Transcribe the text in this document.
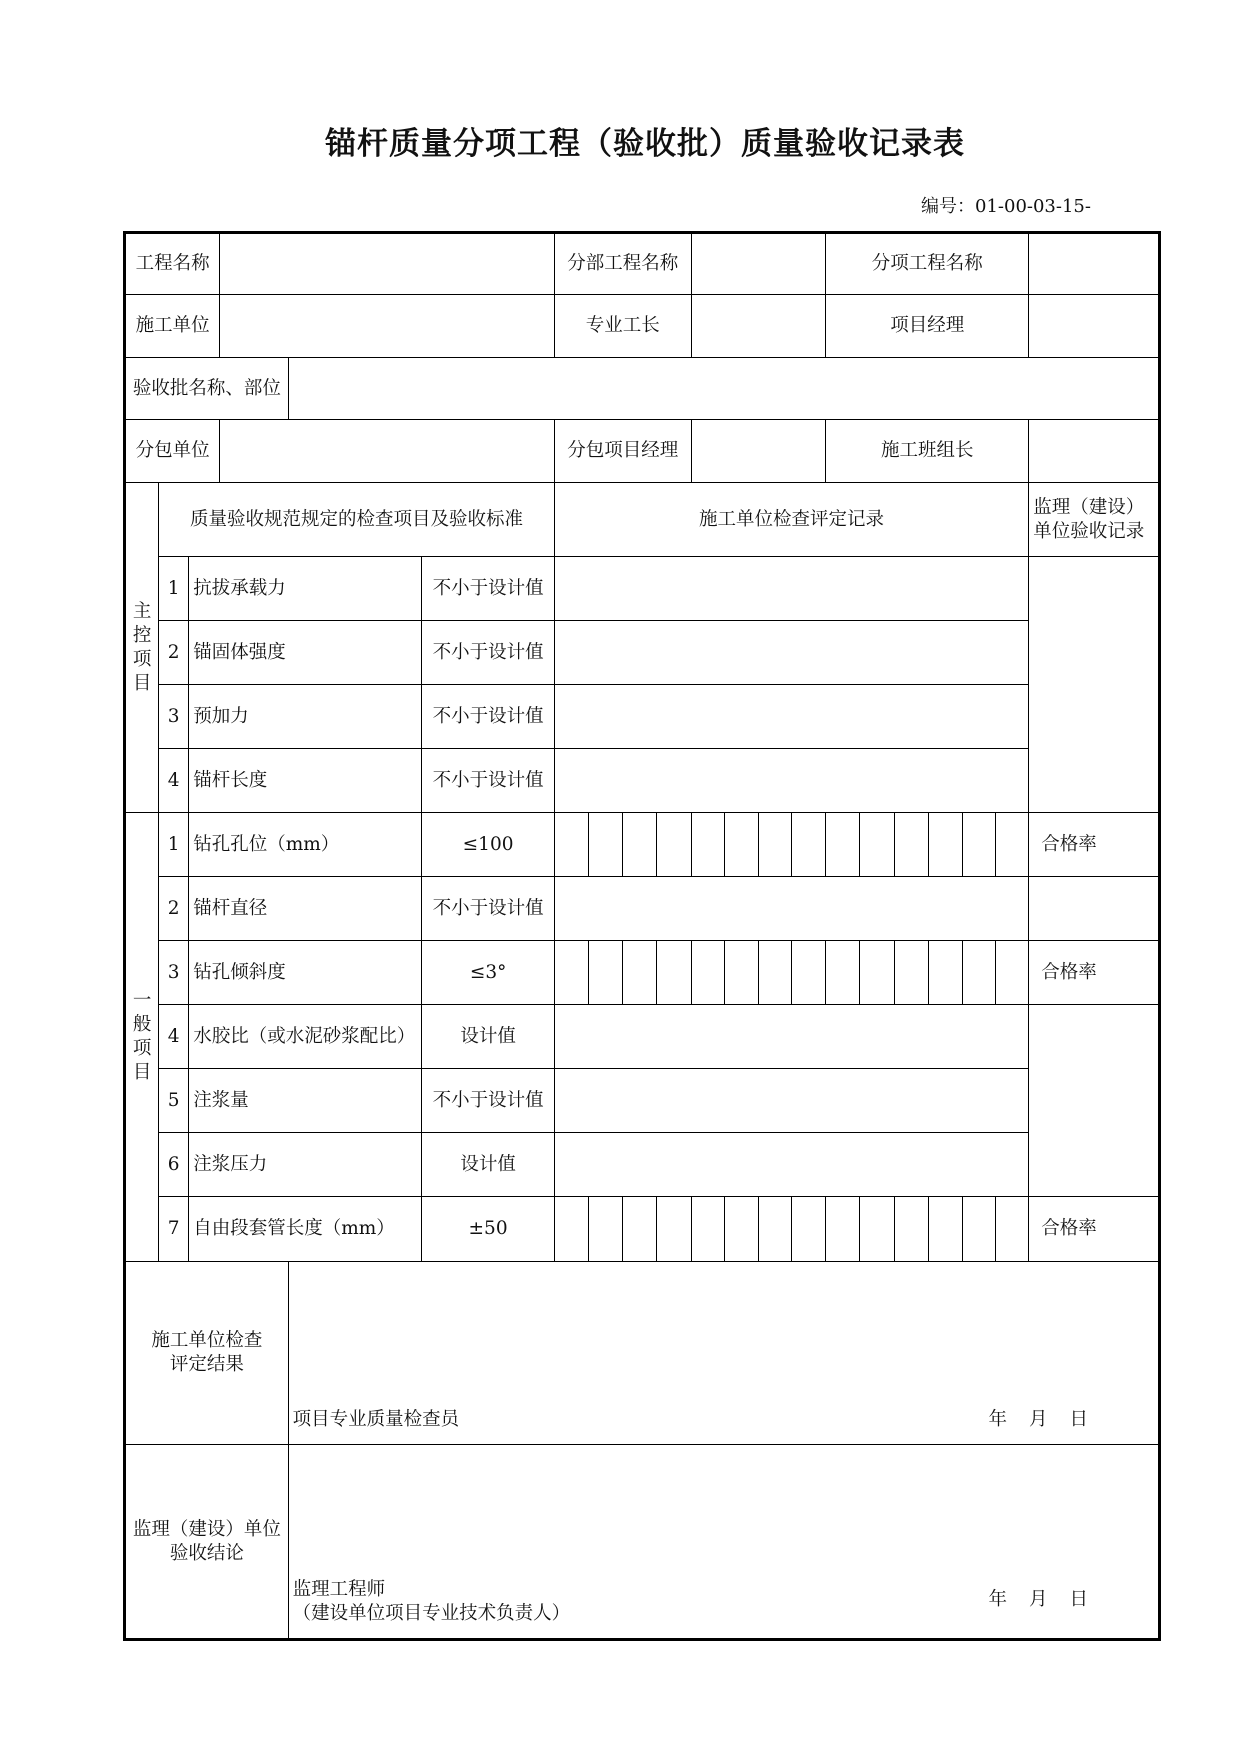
锚杆质量分项工程（验收批）质量验收记录表
编号：01-00-03-15-
工程名称						分部工程名称								分项工程名称						
施工单位						专业工长								项目经理						
验收批名称、部位																				
分包单位						分包项目经理								施工班组长						

主
控
项
目	质量验收规范规定的检查项目及验收标准					施工单位检查评定记录														监理（建设）单位验收记录
	1	抗拔承载力			不小于设计值															
	2	锚固体强度			不小于设计值															
	3	预加力			不小于设计值															
	4	锚杆长度			不小于设计值															

一
般
项
目	1	钻孔孔位（mm）			≤100															合格率
	2	锚杆直径			不小于设计值															
	3	钻孔倾斜度			≤3°															合格率
	4	水胶比（或水泥砂浆配比）			设计值															
	5	注浆量			不小于设计值															
	6	注浆压力			设计值															
	7	自由段套管长度（mm）			±50															合格率
施工单位检查评定结果				项目专业质量检查员 年 月 日																

监理（建设）单位验收结论				监理工程师
（建设单位项目专业技术负责人）
年 月 日																
